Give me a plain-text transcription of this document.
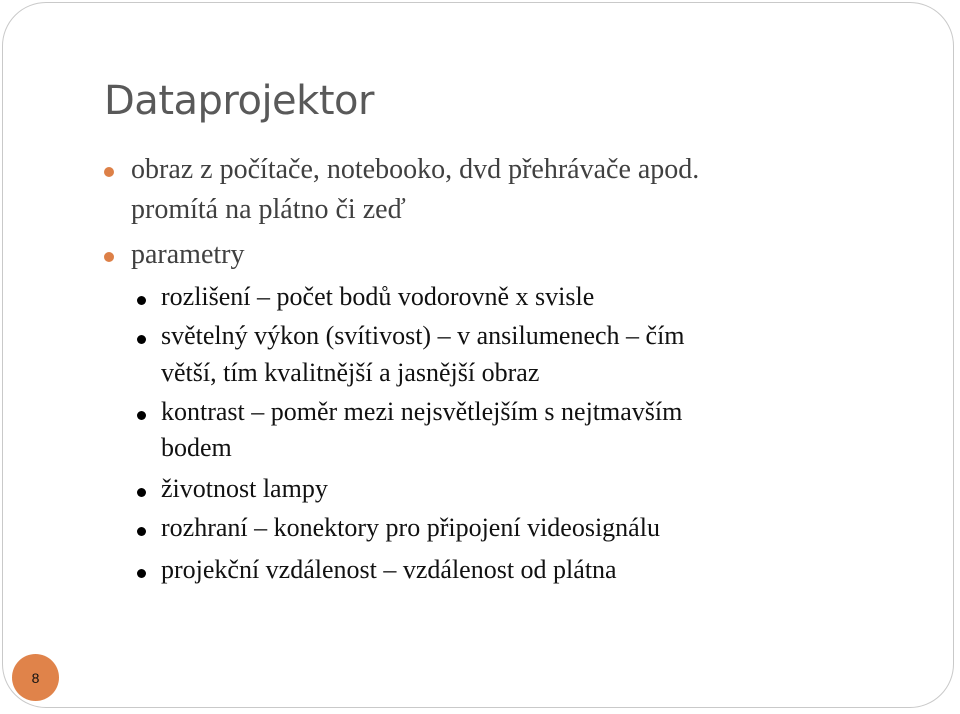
Dataprojektor
obraz z počítače, notebooko, dvd přehrávače apod.
promítá na plátno či zeď
parametry
rozlišení – počet bodů vodorovně x svisle
světelný výkon (svítivost) – v ansilumenech – čím
větší, tím kvalitnější a jasnější obraz
kontrast – poměr mezi nejsvětlejším s nejtmavším
bodem
životnost lampy
rozhraní – konektory pro připojení videosignálu
projekční vzdálenost – vzdálenost od plátna
8
